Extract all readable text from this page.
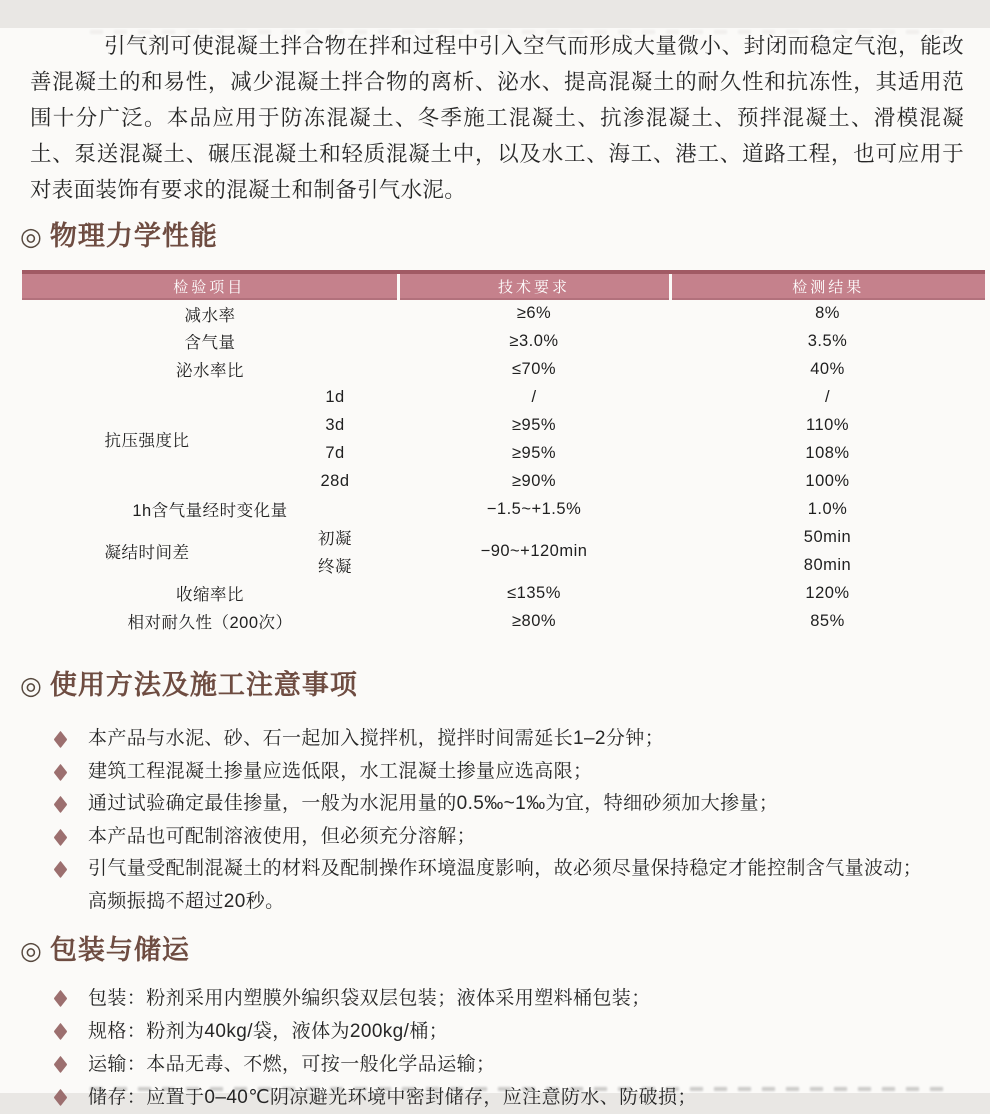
引气剂可使混凝土拌合物在拌和过程中引入空气而形成大量微小、封闭而稳定气泡，能改善混凝土的和易性，减少混凝土拌合物的离析、泌水、提高混凝土的耐久性和抗冻性，其适用范围十分广泛。本品应用于防冻混凝土、冬季施工混凝土、抗渗混凝土、预拌混凝土、滑模混凝土、泵送混凝土、碾压混凝土和轻质混凝土中，以及水工、海工、港工、道路工程，也可应用于对表面装饰有要求的混凝土和制备引气水泥。

◎ 物理力学性能
检验项目		技术要求	检测结果
减水率		≥6%	8%
含气量		≥3.0%	3.5%
泌水率比		≤70%	40%
抗压强度比	1d	/	/
	3d	≥95%	110%
	7d	≥95%	108%
	28d	≥90%	100%
1h含气量经时变化量		−1.5~+1.5%	1.0%
凝结时间差	初凝	−90~+120min	50min
	终凝		80min
收缩率比		≤135%	120%
相对耐久性（200次）		≥80%	85%
◎ 使用方法及施工注意事项
本产品与水泥、砂、石一起加入搅拌机，搅拌时间需延长1–2分钟；
建筑工程混凝土掺量应选低限，水工混凝土掺量应选高限；
通过试验确定最佳掺量，一般为水泥用量的0.5‰~1‰为宜，特细砂须加大掺量；
本产品也可配制溶液使用，但必须充分溶解；
引气量受配制混凝土的材料及配制操作环境温度影响，故必须尽量保持稳定才能控制含气量波动；高频振捣不超过20秒。
◎ 包装与储运
包装：粉剂采用内塑膜外编织袋双层包装；液体采用塑料桶包装；
规格：粉剂为40kg/袋，液体为200kg/桶；
运输：本品无毒、不燃，可按一般化学品运输；
储存：应置于0–40℃阴凉避光环境中密封储存，应注意防水、防破损；
